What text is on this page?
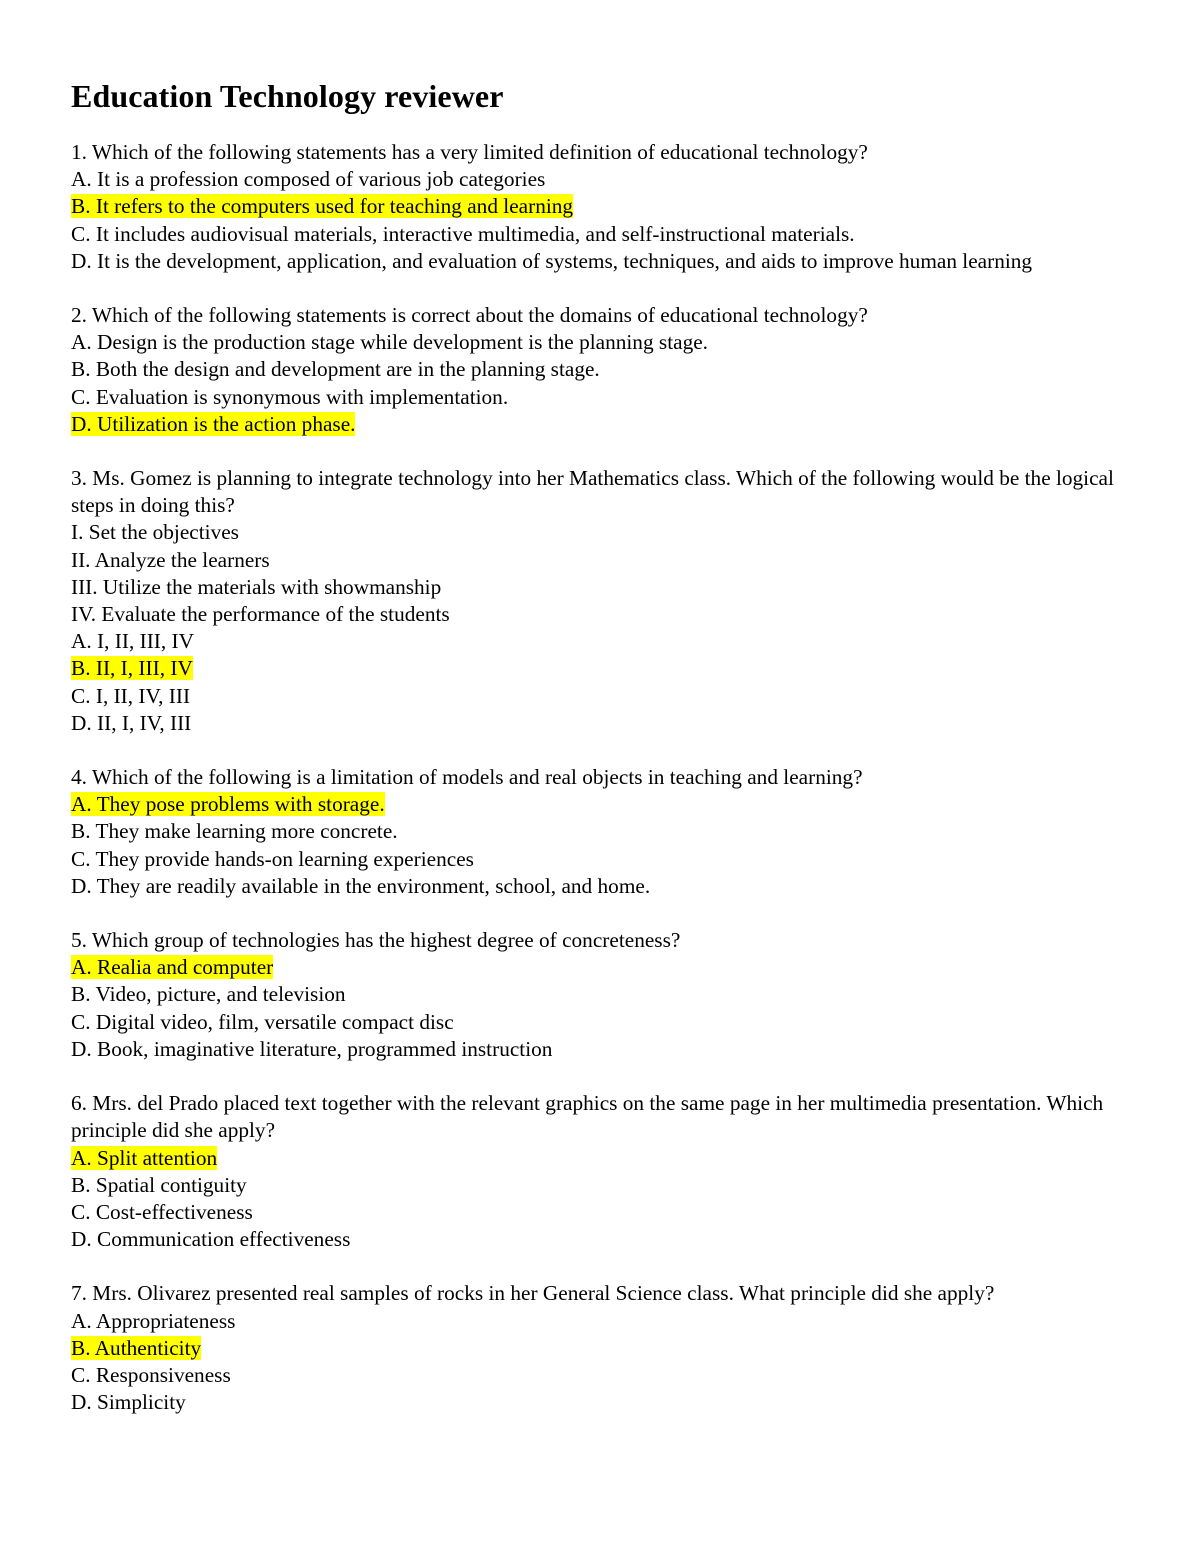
Education Technology reviewer
1. Which of the following statements has a very limited definition of educational technology?
A. It is a profession composed of various job categories
B. It refers to the computers used for teaching and learning
C. It includes audiovisual materials, interactive multimedia, and self-instructional materials.
D. It is the development, application, and evaluation of systems, techniques, and aids to improve human learning
2. Which of the following statements is correct about the domains of educational technology?
A. Design is the production stage while development is the planning stage.
B. Both the design and development are in the planning stage.
C. Evaluation is synonymous with implementation.
D. Utilization is the action phase.
3. Ms. Gomez is planning to integrate technology into her Mathematics class. Which of the following would be the logical steps in doing this?
I. Set the objectives
II. Analyze the learners
III. Utilize the materials with showmanship
IV. Evaluate the performance of the students
A. I, II, III, IV
B. II, I, III, IV
C. I, II, IV, III
D. II, I, IV, III
4. Which of the following is a limitation of models and real objects in teaching and learning?
A. They pose problems with storage.
B. They make learning more concrete.
C. They provide hands-on learning experiences
D. They are readily available in the environment, school, and home.
5. Which group of technologies has the highest degree of concreteness?
A. Realia and computer
B. Video, picture, and television
C. Digital video, film, versatile compact disc
D. Book, imaginative literature, programmed instruction
6. Mrs. del Prado placed text together with the relevant graphics on the same page in her multimedia presentation. Which principle did she apply?
A. Split attention
B. Spatial contiguity
C. Cost-effectiveness
D. Communication effectiveness
7. Mrs. Olivarez presented real samples of rocks in her General Science class. What principle did she apply?
A. Appropriateness
B. Authenticity
C. Responsiveness
D. Simplicity
